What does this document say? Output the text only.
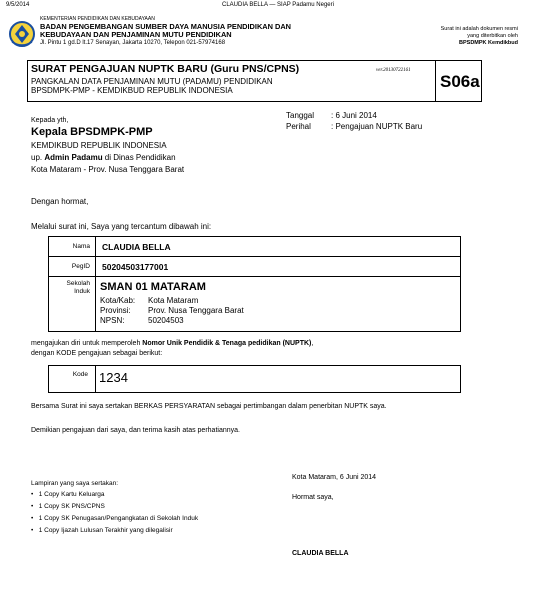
9/5/2014	CLAUDIA BELLA — SIAP Padamu Negeri
KEMENTERIAN PENDIDIKAN DAN KEBUDAYAAN
BADAN PENGEMBANGAN SUMBER DAYA MANUSIA PENDIDIKAN DAN
KEBUDAYAAN DAN PENJAMINAN MUTU PENDIDIKAN
Jl. Pintu 1 gd.D lt.17 Senayan, Jakarta 10270, Telepon 021-57974168
Surat ini adalah dokumen resmi
yang diterbitkan oleh
BPSDMPK Kemdikbud
SURAT PENGAJUAN NUPTK BARU (Guru PNS/CPNS)
PANGKALAN DATA PENJAMINAN MUTU (PADAMU) PENDIDIKAN
BPSDMPK-PMP - KEMDIKBUD REPUBLIK INDONESIA
ver.20130722161
S06a
Tanggal : 6 Juni 2014
Perihal	: Pengajuan NUPTK Baru
Kepada yth,
Kepala BPSDMPK-PMP
KEMDIKBUD REPUBLIK INDONESIA
up. Admin Padamu di Dinas Pendidikan
Kota Mataram - Prov. Nusa Tenggara Barat
Dengan hormat,
Melalui surat ini, Saya yang tercantum dibawah ini:
Nama CLAUDIA BELLA
PegID 50204503177001
Sekolah
Induk SMAN 01 MATARAM
Kota/Kab: Kota Mataram
Provinsi: Prov. Nusa Tenggara Barat
NPSN:	50204503
mengajukan diri untuk memperoleh Nomor Unik Pendidik & Tenaga pedidikan (NUPTK),
dengan KODE pengajuan sebagai berikut:
Kode 1234
Bersama Surat ini saya sertakan BERKAS PERSYARATAN sebagai pertimbangan dalam penerbitan NUPTK saya.
Demikian pengajuan dari saya, dan terima kasih atas perhatiannya.
Kota Mataram, 6 Juni 2014
Hormat saya,
CLAUDIA BELLA
Lampiran yang saya sertakan:
• 1 Copy Kartu Keluarga
• 1 Copy SK PNS/CPNS
• 1 Copy SK Penugasan/Pengangkatan di Sekolah Induk
• 1 Copy Ijazah Lulusan Terakhir yang dilegalisir
